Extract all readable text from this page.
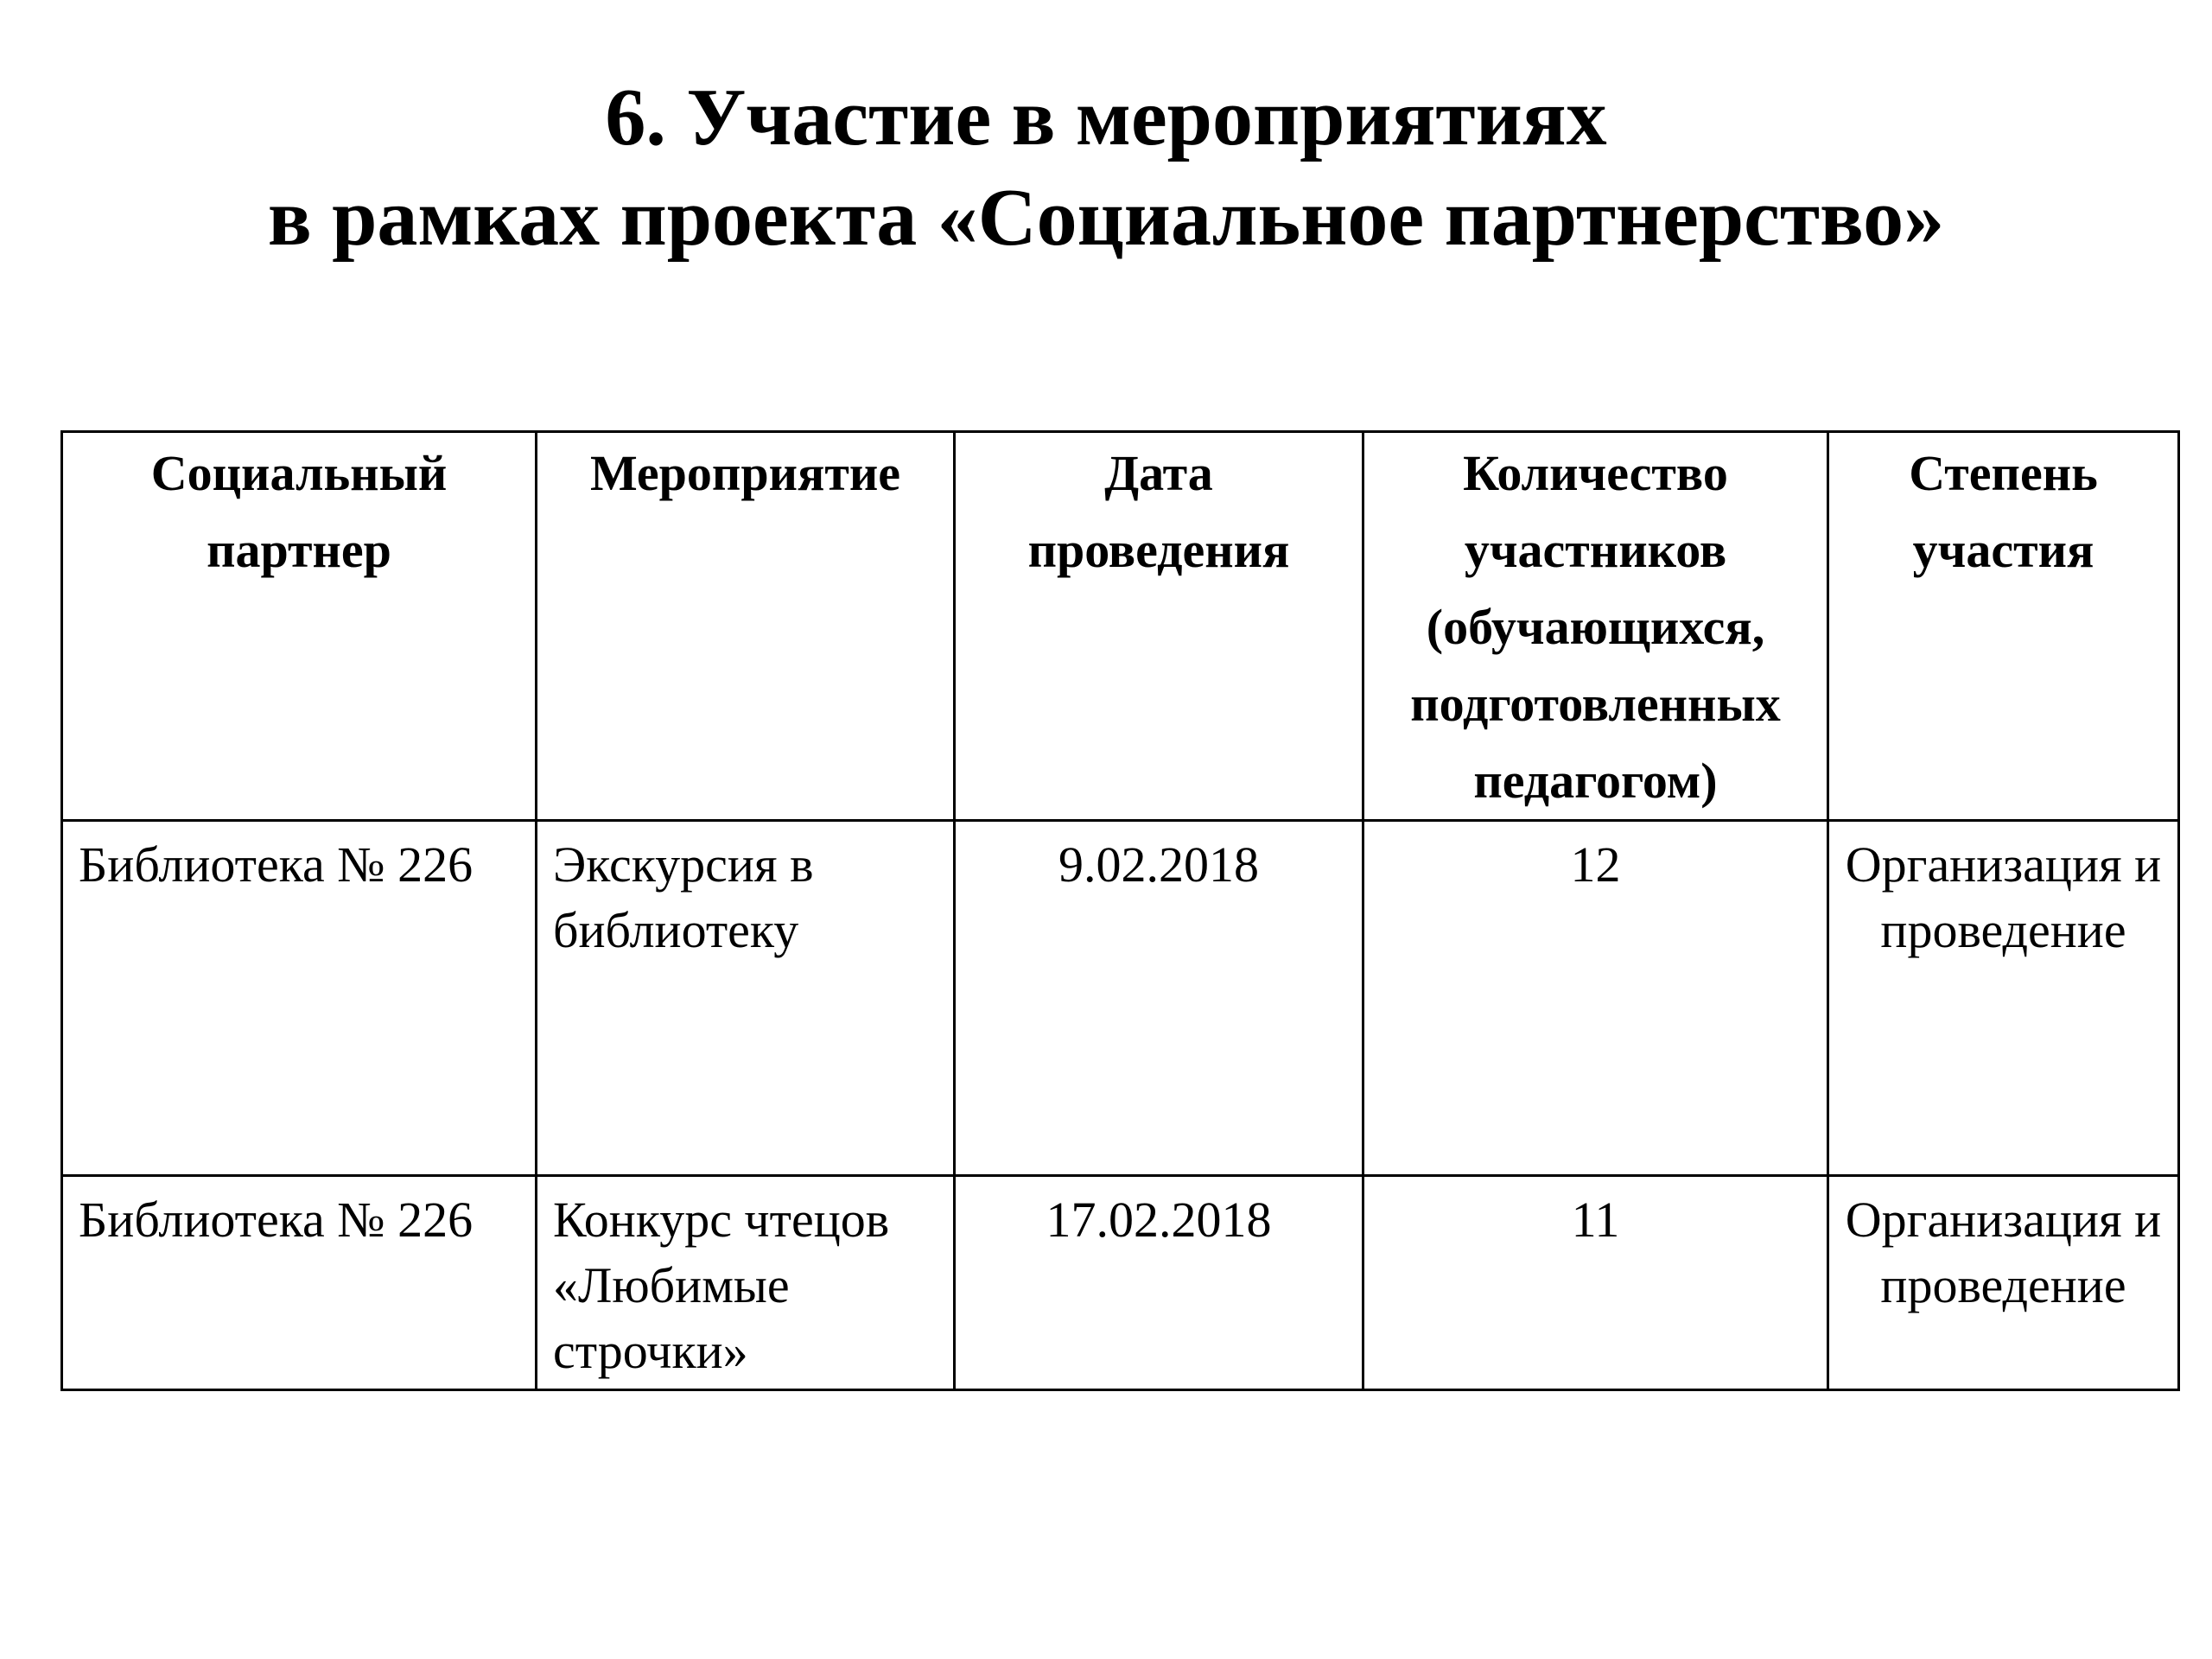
6. Участие в мероприятиях
в рамках проекта «Социальное партнерство»
Социальный партнер	Мероприятие	Дата проведения	Количество участников (обучающихся, подготовленных педагогом)	Степень участия
Библиотека № 226	Экскурсия в библиотеку	9.02.2018	12	Организация и проведение
Библиотека № 226	Конкурс чтецов «Любимые строчки»	17.02.2018	11	Организация и проведение
